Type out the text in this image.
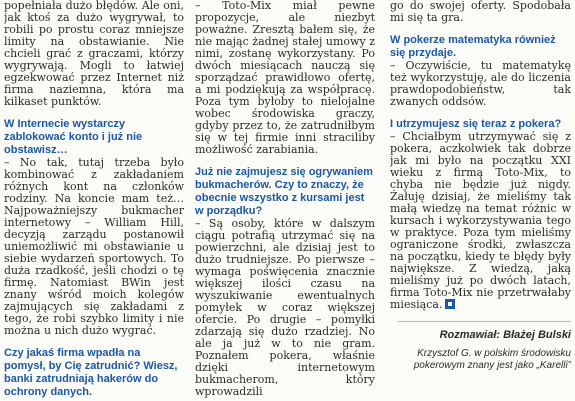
popełniała dużo błędów. Ale oni, jak ktoś za dużo wygrywał, to robili po prostu coraz mniejsze limity na obstawianie. Nie chcieli grać z graczami, którzy wygrywają. Mogli to łatwiej egzekwować przez Internet niż firma naziemna, która ma kilkaset punktów.

W Internecie wystarczy zablokować konto i już nie obstawisz…

– No tak, tutaj trzeba było kombinować z zakładaniem różnych kont na członków rodziny. Na koncie mam też… Najpoważniejszy bukmacher internetowy – William Hill, decyzją zarządu postanowił uniemożliwić mi obstawianie u siebie wydarzeń sportowych. To duża rzadkość, jeśli chodzi o tę firmę. Natomiast BWin jest znany wśród moich kolegów zajmujących się zakładami z tego, że robi szybko limity i nie można u nich dużo wygrać.

Czy jakaś firma wpadła na pomysł, by Cię zatrudnić? Wiesz, banki zatrudniają hakerów do ochrony danych.

– Toto-Mix miał pewne propozycje, ale niezbyt poważne. Zresztą bałem się, że nie mając żadnej stałej umowy z nimi, zostanę wykorzystany. Po dwóch miesiącach nauczą się sporządzać prawidłowo ofertę, a mi podziękują za współpracę. Poza tym byłoby to nielojalne wobec środowiska graczy, gdyby przez to, że zatrudniłbym się w tej firmie inni straciliby możliwość zarabiania.

Już nie zajmujesz się ogrywaniem bukmacherów. Czy to znaczy, że obecnie wszystko z kursami jest w porządku?

– Są osoby, które w dalszym ciągu potrafią utrzymać się na powierzchni, ale dzisiaj jest to dużo trudniejsze. Po pierwsze – wymaga poświęcenia znacznie większej ilości czasu na wyszukiwanie ewentualnych pomyłek w coraz większej ofercie. Po drugie – pomyłki zdarzają się dużo rzadziej. No ale ja już w to nie gram. Poznałem pokera, właśnie dzięki internetowym bukmacherom, który wprowadzili

go do swojej oferty. Spodobała mi się ta gra.

W pokerze matematyka również się przydaje.

– Oczywiście, tu matematykę też wykorzystuję, ale do liczenia prawdopodobieństw, tak zwanych oddsów.

I utrzymujesz się teraz z pokera?

– Chciałbym utrzymywać się z pokera, aczkolwiek tak dobrze jak mi było na początku XXI wieku z firmą Toto-Mix, to chyba nie będzie już nigdy. Żałuję dzisiaj, że mieliśmy tak małą wiedzę na temat różnic w kursach i wykorzystywania tego w praktyce. Poza tym mieliśmy ograniczone środki, zwłaszcza na początku, kiedy te błędy były największe. Z wiedzą, jaką mieliśmy już po dwóch latach, firma Toto-Mix nie przetrwałaby miesiąca.

Rozmawiał: Błażej Bulski

Krzysztof G. w polskim środowisku pokerowym znany jest jako „Karelli”
